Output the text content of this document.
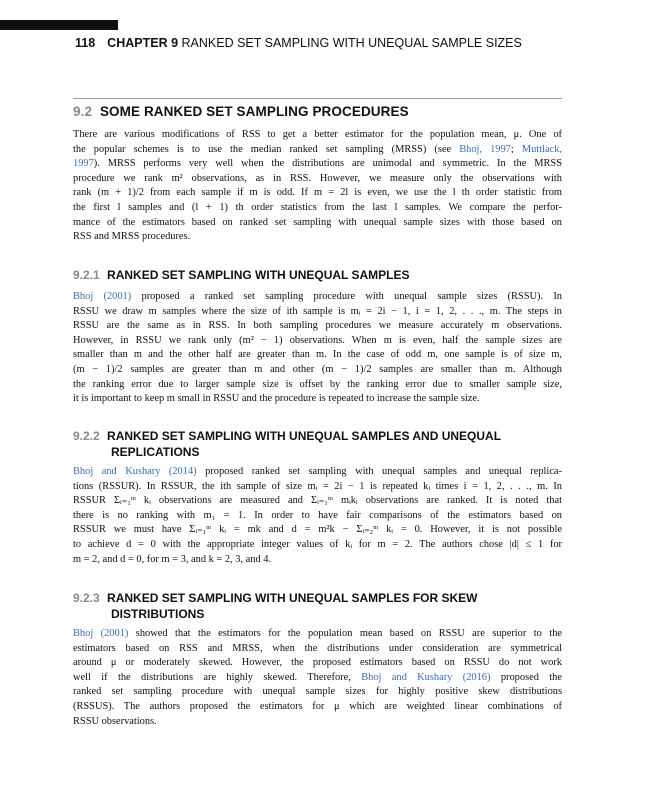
118 CHAPTER 9 RANKED SET SAMPLING WITH UNEQUAL SAMPLE SIZES
9.2 SOME RANKED SET SAMPLING PROCEDURES
There are various modifications of RSS to get a better estimator for the population mean, μ. One of
the popular schemes is to use the median ranked set sampling (MRSS) (see Bhoj, 1997; Muttlack,
1997). MRSS performs very well when the distributions are unimodal and symmetric. In the MRSS
procedure we rank m² observations, as in RSS. However, we measure only the observations with
rank (m + 1)/2 from each sample if m is odd. If m = 2l is even, we use the l th order statistic from
the first l samples and (l + 1) th order statistics from the last l samples. We compare the perfor-
mance of the estimators based on ranked set sampling with unequal sample sizes with those based on
RSS and MRSS procedures.
9.2.1 RANKED SET SAMPLING WITH UNEQUAL SAMPLES
Bhoj (2001) proposed a ranked set sampling procedure with unequal sample sizes (RSSU). In
RSSU we draw m samples where the size of ith sample is mᵢ = 2i − 1, i = 1, 2, . . ., m. The steps in
RSSU are the same as in RSS. In both sampling procedures we measure accurately m observations.
However, in RSSU we rank only (m² − 1) observations. When m is even, half the sample sizes are
smaller than m and the other half are greater than m. In the case of odd m, one sample is of size m,
(m − 1)/2 samples are greater than m and other (m − 1)/2 samples are smaller than m. Although
the ranking error due to larger sample size is offset by the ranking error due to smaller sample size,
it is important to keep m small in RSSU and the procedure is repeated to increase the sample size.
9.2.2 RANKED SET SAMPLING WITH UNEQUAL SAMPLES AND UNEQUAL
REPLICATIONS
Bhoj and Kushary (2014) proposed ranked set sampling with unequal samples and unequal replica-
tions (RSSUR). In RSSUR, the ith sample of size mᵢ = 2i − 1 is repeated kᵢ times i = 1, 2, . . ., m. In
RSSUR Σᵢ₌₁ᵐ kᵢ observations are measured and Σᵢ₌₁ᵐ mᵢkᵢ observations are ranked. It is noted that
there is no ranking with m₁ = 1. In order to have fair comparisons of the estimators based on
RSSUR we must have Σᵢ₌₁ᵐ kᵢ = mk and d = m²k − Σᵢ₌₂ᵐ kᵢ = 0. However, it is not possible
to achieve d = 0 with the appropriate integer values of kᵢ for m = 2. The authors chose |d| ≤ 1 for
m = 2, and d = 0, for m = 3, and k = 2, 3, and 4.
9.2.3 RANKED SET SAMPLING WITH UNEQUAL SAMPLES FOR SKEW
DISTRIBUTIONS
Bhoj (2001) showed that the estimators for the population mean based on RSSU are superior to the
estimators based on RSS and MRSS, when the distributions under consideration are symmetrical
around μ or moderately skewed. However, the proposed estimators based on RSSU do not work
well if the distributions are highly skewed. Therefore, Bhoj and Kushary (2016) proposed the
ranked set sampling procedure with unequal sample sizes for highly positive skew distributions
(RSSUS). The authors proposed the estimators for μ which are weighted linear combinations of
RSSU observations.
